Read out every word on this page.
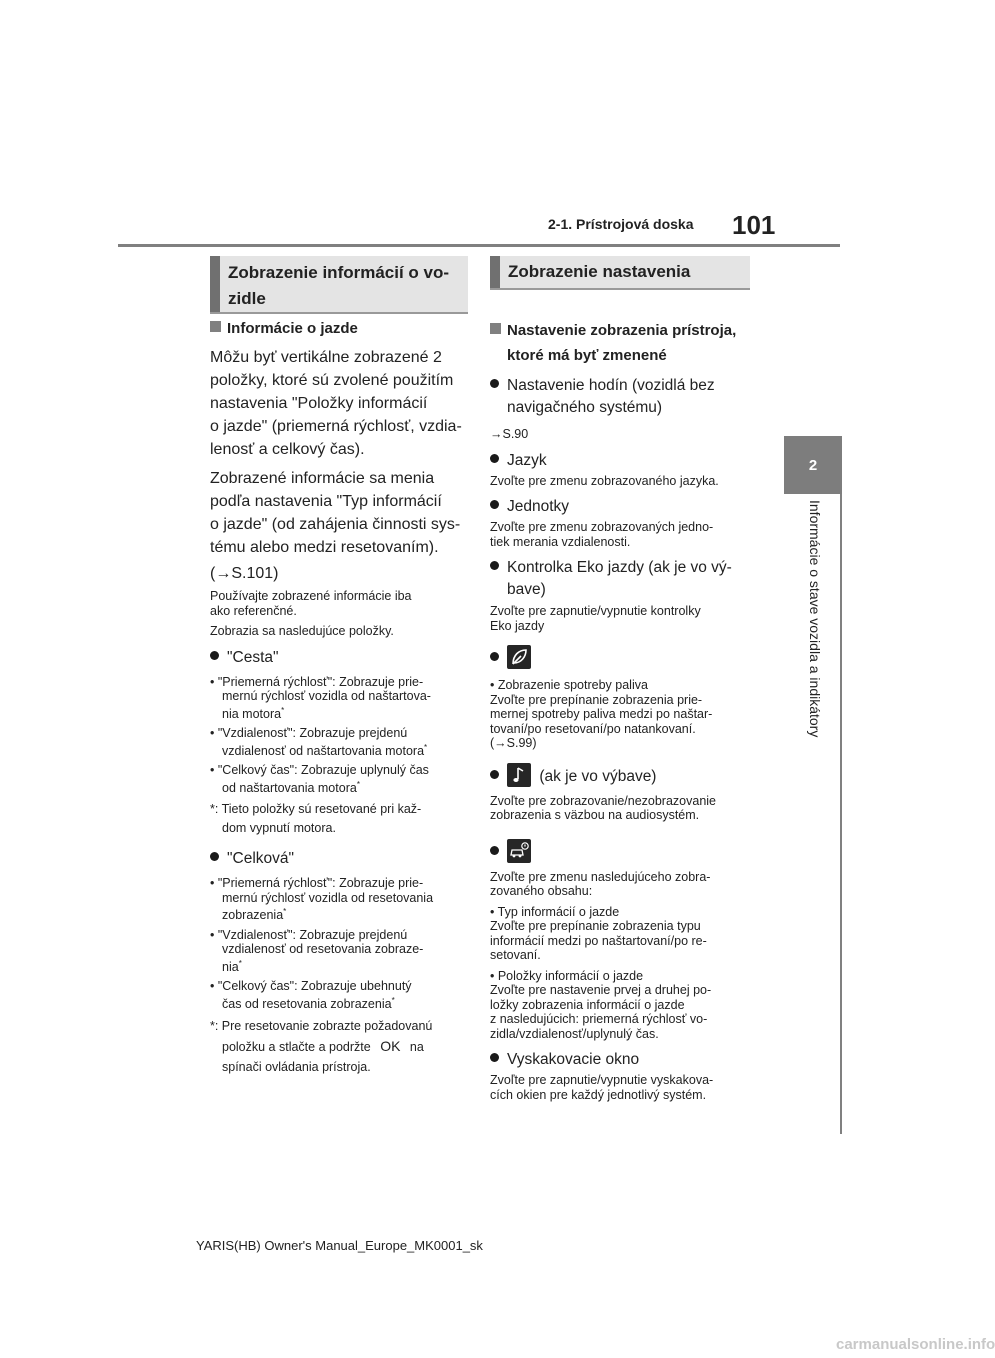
2-1. Prístrojová doska 101
2
Informácie o stave vozidla a indikátory
Zobrazenie informácií o vo-
zidle
Informácie o jazde
Môžu byť vertikálne zobrazené 2
položky, ktoré sú zvolené použitím
nastavenia "Položky informácií
o jazde" (priemerná rýchlosť, vzdia-
lenosť a celkový čas).
Zobrazené informácie sa menia
podľa nastavenia "Typ informácií
o jazde" (od zahájenia činnosti sys-
tému alebo medzi resetovaním).
(→S.101)
Používajte zobrazené informácie iba
ako referenčné.
Zobrazia sa nasledujúce položky.
"Cesta"
• "Priemerná rýchlosť": Zobrazuje prie-
mernú rýchlosť vozidla od naštartova-
nia motora*
• "Vzdialenosť": Zobrazuje prejdenú
vzdialenosť od naštartovania motora*
• "Celkový čas": Zobrazuje uplynulý čas
od naštartovania motora*
*: Tieto položky sú resetované pri kaž-
dom vypnutí motora.
"Celková"
• "Priemerná rýchlosť": Zobrazuje prie-
mernú rýchlosť vozidla od resetovania
zobrazenia*
• "Vzdialenosť": Zobrazuje prejdenú
vzdialenosť od resetovania zobraze-
nia*
• "Celkový čas": Zobrazuje ubehnutý
čas od resetovania zobrazenia*
*: Pre resetovanie zobrazte požadovanú
položku a stlačte a podržte OK na
spínači ovládania prístroja.
Zobrazenie nastavenia
Nastavenie zobrazenia prístroja,
ktoré má byť zmenené
Nastavenie hodín (vozidlá bez
navigačného systému)
→S.90
Jazyk
Zvoľte pre zmenu zobrazovaného jazyka.
Jednotky
Zvoľte pre zmenu zobrazovaných jedno-
tiek merania vzdialenosti.
Kontrolka Eko jazdy (ak je vo vý-
bave)
Zvoľte pre zapnutie/vypnutie kontrolky
Eko jazdy
• Zobrazenie spotreby paliva
Zvoľte pre prepínanie zobrazenia prie-
mernej spotreby paliva medzi po naštar-
tovaní/po resetovaní/po natankovaní.
(→S.99)
(ak je vo výbave)
Zvoľte pre zobrazovanie/nezobrazovanie
zobrazenia s väzbou na audiosystém.
Zvoľte pre zmenu nasledujúceho zobra-
zovaného obsahu:
• Typ informácií o jazde
Zvoľte pre prepínanie zobrazenia typu
informácií medzi po naštartovaní/po re-
setovaní.
• Položky informácií o jazde
Zvoľte pre nastavenie prvej a druhej po-
ložky zobrazenia informácií o jazde
z nasledujúcich: priemerná rýchlosť vo-
zidla/vzdialenosť/uplynulý čas.
Vyskakovacie okno
Zvoľte pre zapnutie/vypnutie vyskakova-
cích okien pre každý jednotlivý systém.
YARIS(HB) Owner's Manual_Europe_MK0001_sk
carmanualsonline.info
